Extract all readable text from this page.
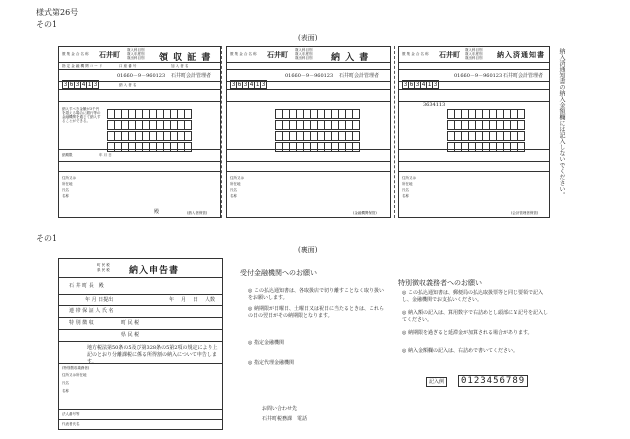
様式第26号
その1
(表面)
徴 集 金 合 名 称 石井町 歳入科目別
歳入年度別
歳出科目別 領 収 証 書
指 定 金 融 機 関 コ ー ド	口 座 番 号	加 入 者 名
3 6 3 4 1 3
01660－9－960123 石井町会計管理者
納 入 者 名
納入すべき金額が3千円を超える場合に銀行等の金融機関を通じて納入することができる。
納期限	年 月 日
住所又は
所在地
氏名
名称
殿	(納入者保管)
徴 集 金 合 名 称 石井町 歳入科目別
歳入年度別
歳出科目別 納 入 書
3 6 3 4 1 3
01660－9－960123 石井町会計管理者
住所又は
所在地
氏名
名称
(金融機関保管)
徴 集 金 合 名 称 石井町 歳入科目別
歳入年度別
歳出科目別 納入済通知書
3 6 3 4 1 3
01660－9－960123 石井町会計管理者
3634113
住所又は
所在地
氏名
名称
(会計管理者保管)
納入済通知書の納入金額欄には記入しないでください。
その1
(裏面)
町 民 税
県 民 税 納入申告書
石 井 町 長　殿
年 月 日提出	年 月 日 人数
連 帯 保 証 人 氏 名
特 別 徴 収	町 民 税
県 民 税
地方税法第50条の5及び第328条の5第2項の規定により上記のとおり分離課税に係る所得割の納入について申告します。
(特別徴収義務者)
住所又は所在地
氏名
名称
法人番号等
代表者氏名
受付金融機関へのお願い
◎ この払込通知書は、各取扱店で切り離すことなく取り扱いをお願いします。
◎ 納期限が日曜日、土曜日又は祝日に当たるときは、これらの日の翌日がその納期限となります。
◎ 指定金融機関
◎ 指定代理金融機関
お問い合わせ先
石井町税務課　電話
特別徴収義務者へのお願い
◎ この払込通知書は、郵便局の払込取扱票等と同じ要領で記入し、金融機関でお支払いください。
◎ 納入額の記入は、算用数字で右詰めとし頭部に￥記号を記入してください。
◎ 納期限を過ぎると延滞金が加算される場合があります。
◎ 納入金額欄の記入は、右詰めで書いてください。
記入例	0123456789
